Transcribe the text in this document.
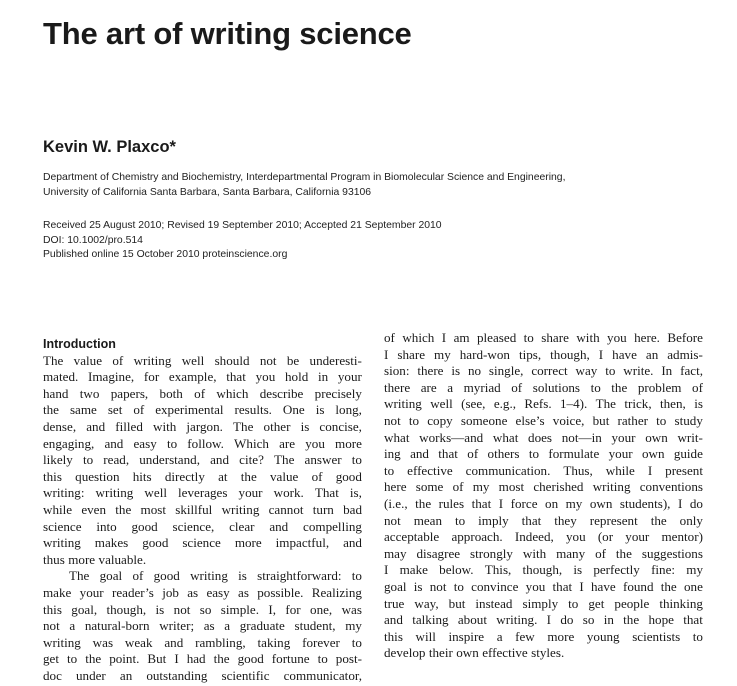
The art of writing science
Kevin W. Plaxco*
Department of Chemistry and Biochemistry, Interdepartmental Program in Biomolecular Science and Engineering,
University of California Santa Barbara, Santa Barbara, California 93106
Received 25 August 2010; Revised 19 September 2010; Accepted 21 September 2010
DOI: 10.1002/pro.514
Published online 15 October 2010 proteinscience.org
Introduction
The value of writing well should not be underesti-
mated. Imagine, for example, that you hold in your
hand two papers, both of which describe precisely
the same set of experimental results. One is long,
dense, and filled with jargon. The other is concise,
engaging, and easy to follow. Which are you more
likely to read, understand, and cite? The answer to
this question hits directly at the value of good
writing: writing well leverages your work. That is,
while even the most skillful writing cannot turn bad
science into good science, clear and compelling
writing makes good science more impactful, and
thus more valuable.
The goal of good writing is straightforward: to
make your reader’s job as easy as possible. Realizing
this goal, though, is not so simple. I, for one, was
not a natural-born writer; as a graduate student, my
writing was weak and rambling, taking forever to
get to the point. But I had the good fortune to post-
doc under an outstanding scientific communicator,
of which I am pleased to share with you here. Before
I share my hard-won tips, though, I have an admis-
sion: there is no single, correct way to write. In fact,
there are a myriad of solutions to the problem of
writing well (see, e.g., Refs. 1–4). The trick, then, is
not to copy someone else’s voice, but rather to study
what works—and what does not—in your own writ-
ing and that of others to formulate your own guide
to effective communication. Thus, while I present
here some of my most cherished writing conventions
(i.e., the rules that I force on my own students), I do
not mean to imply that they represent the only
acceptable approach. Indeed, you (or your mentor)
may disagree strongly with many of the suggestions
I make below. This, though, is perfectly fine: my
goal is not to convince you that I have found the one
true way, but instead simply to get people thinking
and talking about writing. I do so in the hope that
this will inspire a few more young scientists to
develop their own effective styles.
